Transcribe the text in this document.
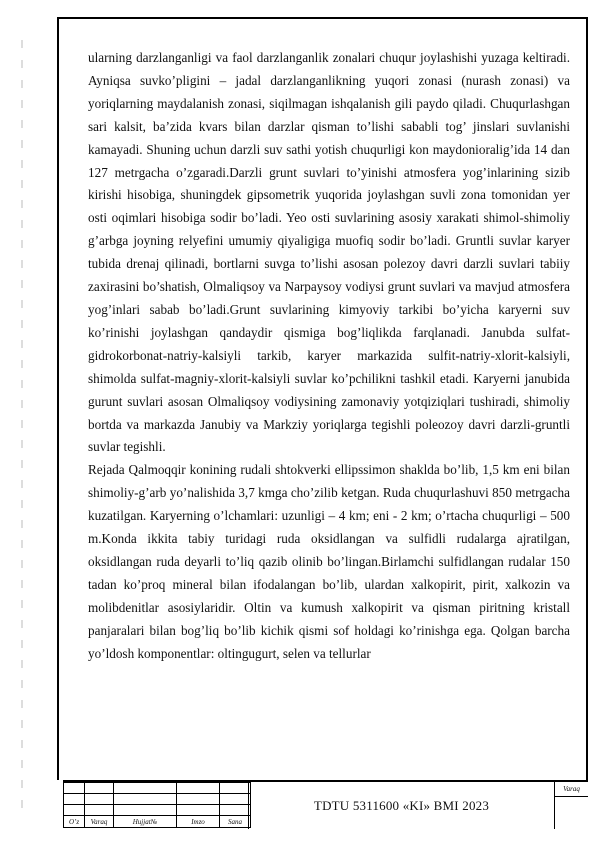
ularning darzlanganligi va faol darzlanganlik zonalari chuqur joylashishi yuzaga keltiradi. Ayniqsa suvko’pligini – jadal darzlanganlikning yuqori zonasi (nurash zonasi) va yoriqlarning maydalanish zonasi, siqilmagan ishqalanish gili paydo qiladi. Chuqurlashgan sari kalsit, ba’zida kvars bilan darzlar qisman to’lishi sababli tog’ jinslari suvlanishi kamayadi. Shuning uchun darzli suv sathi yotish chuqurligi kon maydonioralig’ida 14 dan 127 metrgacha o’zgaradi.Darzli grunt suvlari to’yinishi atmosfera yog’inlarining sizib kirishi hisobiga, shuningdek gipsometrik yuqorida joylashgan suvli zona tomonidan yer osti oqimlari hisobiga sodir bo’ladi. Yeo osti suvlarining asosiy xarakati shimol-shimoliy g’arbga joyning relyefini umumiy qiyaligiga muofiq sodir bo’ladi. Gruntli suvlar karyer tubida drenaj qilinadi, bortlarni suvga to’lishi asosan polezoy davri darzli suvlari tabiiy zaxirasini bo’shatish, Olmaliqsoy va Narpaysoy vodiysi grunt suvlari va mavjud atmosfera yog’inlari sabab bo’ladi.Grunt suvlarining kimyoviy tarkibi bo’yicha karyerni suv ko’rinishi joylashgan qandaydir qismiga bog’liqlikda farqlanadi. Janubda sulfat-gidrokorbonat-natriy-kalsiyli tarkib, karyer markazida sulfit-natriy-xlorit-kalsiyli, shimolda sulfat-magniy-xlorit-kalsiyli suvlar ko’pchilikni tashkil etadi. Karyerni janubida gurunt suvlari asosan Olmaliqsoy vodiysining zamonaviy yotqiziqlari tushiradi, shimoliy bortda va markazda Janubiy va Markziy yoriqlarga tegishli poleozoy davri darzli-gruntli suvlar tegishli.

Rejada Qalmoqqir konining rudali shtokverki ellipssimon shaklda bo’lib, 1,5 km eni bilan shimoliy-g’arb yo’nalishida 3,7 kmga cho’zilib ketgan. Ruda chuqurlashuvi 850 metrgacha kuzatilgan. Karyerning o’lchamlari: uzunligi – 4 km; eni - 2 km; o’rtacha chuqurligi – 500 m.Konda ikkita tabiy turidagi ruda oksidlangan va sulfidli rudalarga ajratilgan, oksidlangan ruda deyarli to’liq qazib olinib bo’lingan.Birlamchi sulfidlangan rudalar 150 tadan ko’proq mineral bilan ifodalangan bo’lib, ulardan xalkopirit, pirit, xalkozin va molibdenitlar asosiylaridir. Oltin va kumush xalkopirit va qisman piritning kristall panjaralari bilan bog’liq bo’lib kichik qismi sof holdagi ko’rinishga ega. Qolgan barcha yo’ldosh komponentlar: oltingugurt, selen va tellurlar

O’z	Varaq	Hujjat№	Imzo	Sana
TDTU 5311600 «KI» BMI 2023
Varaq
